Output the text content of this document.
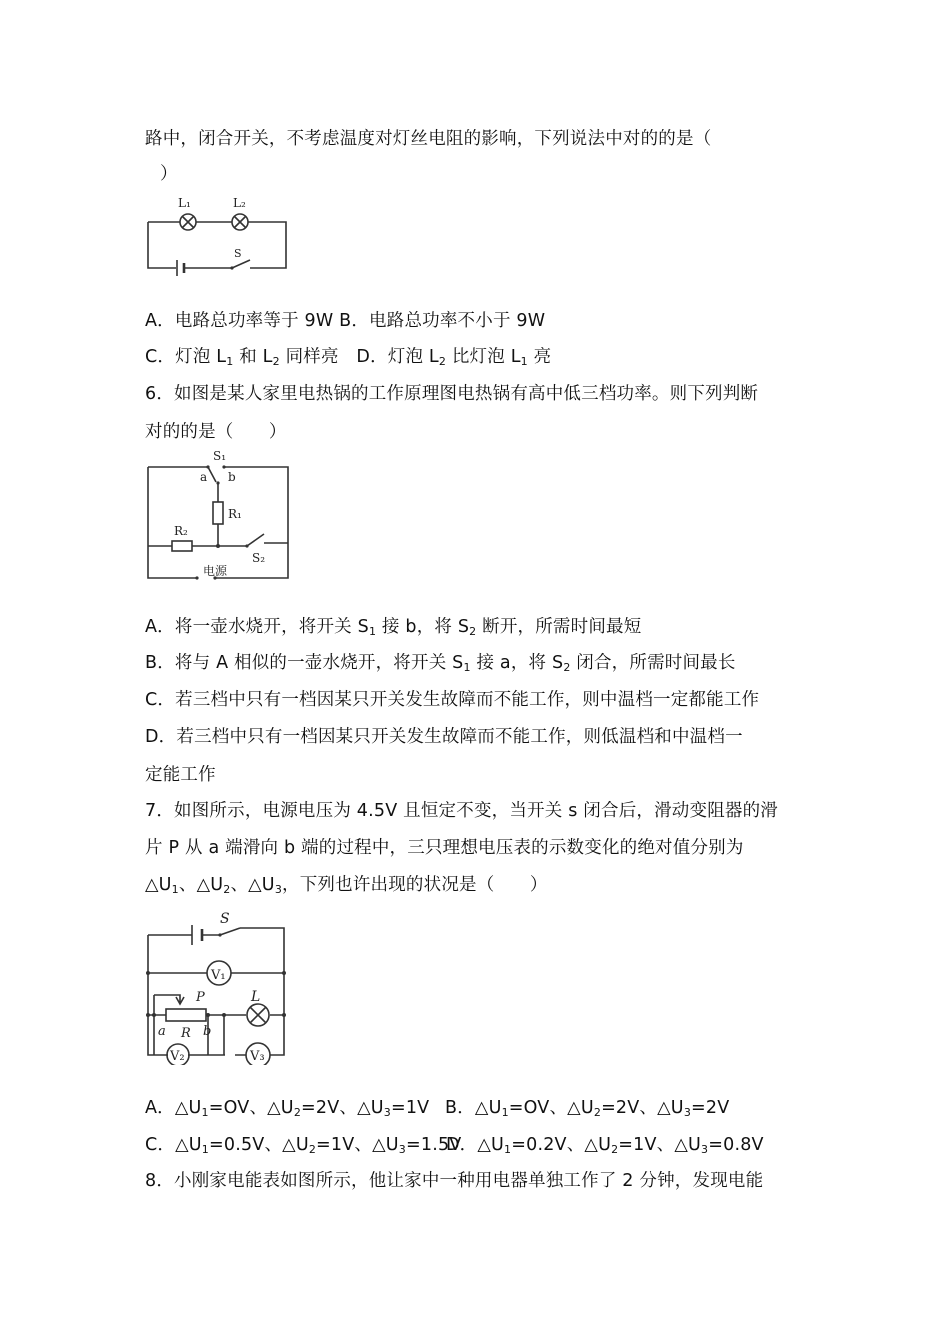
路中，闭合开关，不考虑温度对灯丝电阻的影响，下列说法中对的的是（
）
L₁	L₂
S
A．电路总功率等于 9W B．电路总功率不小于 9W
C．灯泡 $L_1$ 和 $L_2$ 同样亮　D．灯泡 $L_2$ 比灯泡 $L_1$ 亮
6．如图是某人家里电热锅的工作原理图电热锅有高中低三档功率。则下列判断
对的的是（　　）
S₁
a b
R₁
R₂
S₂
电源
A．将一壶水烧开，将开关 $S_1$ 接 b，将 $S_2$ 断开，所需时间最短
B．将与 A 相似的一壶水烧开，将开关 $S_1$ 接 a，将 $S_2$ 闭合，所需时间最长
C．若三档中只有一档因某只开关发生故障而不能工作，则中温档一定都能工作
D．若三档中只有一档因某只开关发生故障而不能工作，则低温档和中温档一
定能工作
7．如图所示，电源电压为 4.5V 且恒定不变，当开关 s 闭合后，滑动变阻器的滑
片 P 从 a 端滑向 b 端的过程中，三只理想电压表的示数变化的绝对值分别为
$\triangle U_1$、$\triangle U_2$、$\triangle U_3$，下列也许出现的状况是（　　）
S
V₁
P	L
a R b
V₂	V₃
A．$\triangle U_1=OV$、$\triangle U_2=2V$、$\triangle U_3=1V$ B．$\triangle U_1=OV$、$\triangle U_2=2V$、$\triangle U_3=2V$
C．$\triangle U_1=0.5V$、$\triangle U_2=1V$、$\triangle U_3=1.5V$
D．$\triangle U_1=0.2V$、$\triangle U_2=1V$、$\triangle U_3=0.8V$
8．小刚家电能表如图所示，他让家中一种用电器单独工作了 2 分钟，发现电能
